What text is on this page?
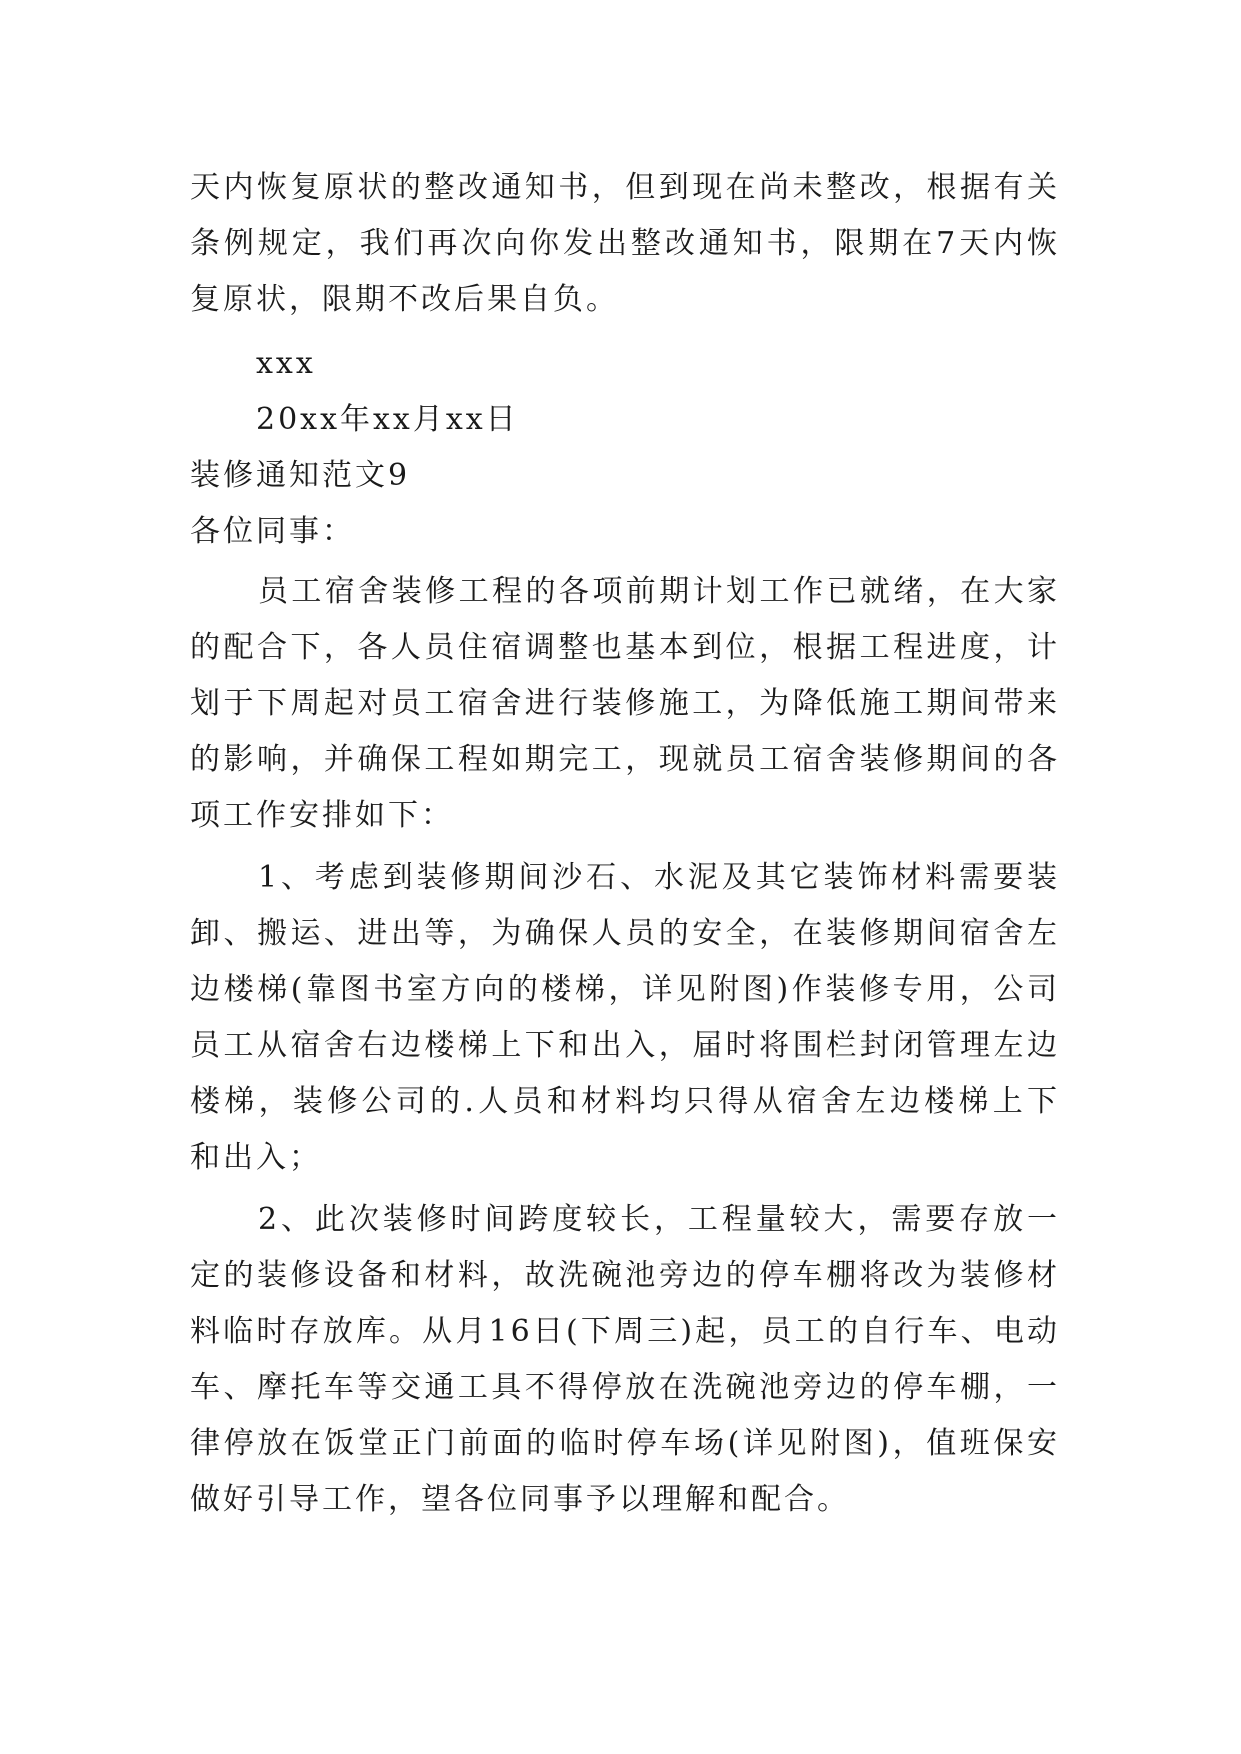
天内恢复原状的整改通知书，但到现在尚未整改，根据有关条例规定，我们再次向你发出整改通知书，限期在7天内恢复原状，限期不改后果自负。

xxx

20xx年xx月xx日

装修通知范文9

各位同事：

员工宿舍装修工程的各项前期计划工作已就绪，在大家的配合下，各人员住宿调整也基本到位，根据工程进度，计划于下周起对员工宿舍进行装修施工，为降低施工期间带来的影响，并确保工程如期完工，现就员工宿舍装修期间的各项工作安排如下：

1、考虑到装修期间沙石、水泥及其它装饰材料需要装卸、搬运、进出等，为确保人员的安全，在装修期间宿舍左边楼梯(靠图书室方向的楼梯，详见附图)作装修专用，公司员工从宿舍右边楼梯上下和出入，届时将围栏封闭管理左边楼梯，装修公司的.人员和材料均只得从宿舍左边楼梯上下和出入；

2、此次装修时间跨度较长，工程量较大，需要存放一定的装修设备和材料，故洗碗池旁边的停车棚将改为装修材料临时存放库。从月16日(下周三)起，员工的自行车、电动车、摩托车等交通工具不得停放在洗碗池旁边的停车棚，一律停放在饭堂正门前面的临时停车场(详见附图)，值班保安做好引导工作，望各位同事予以理解和配合。
